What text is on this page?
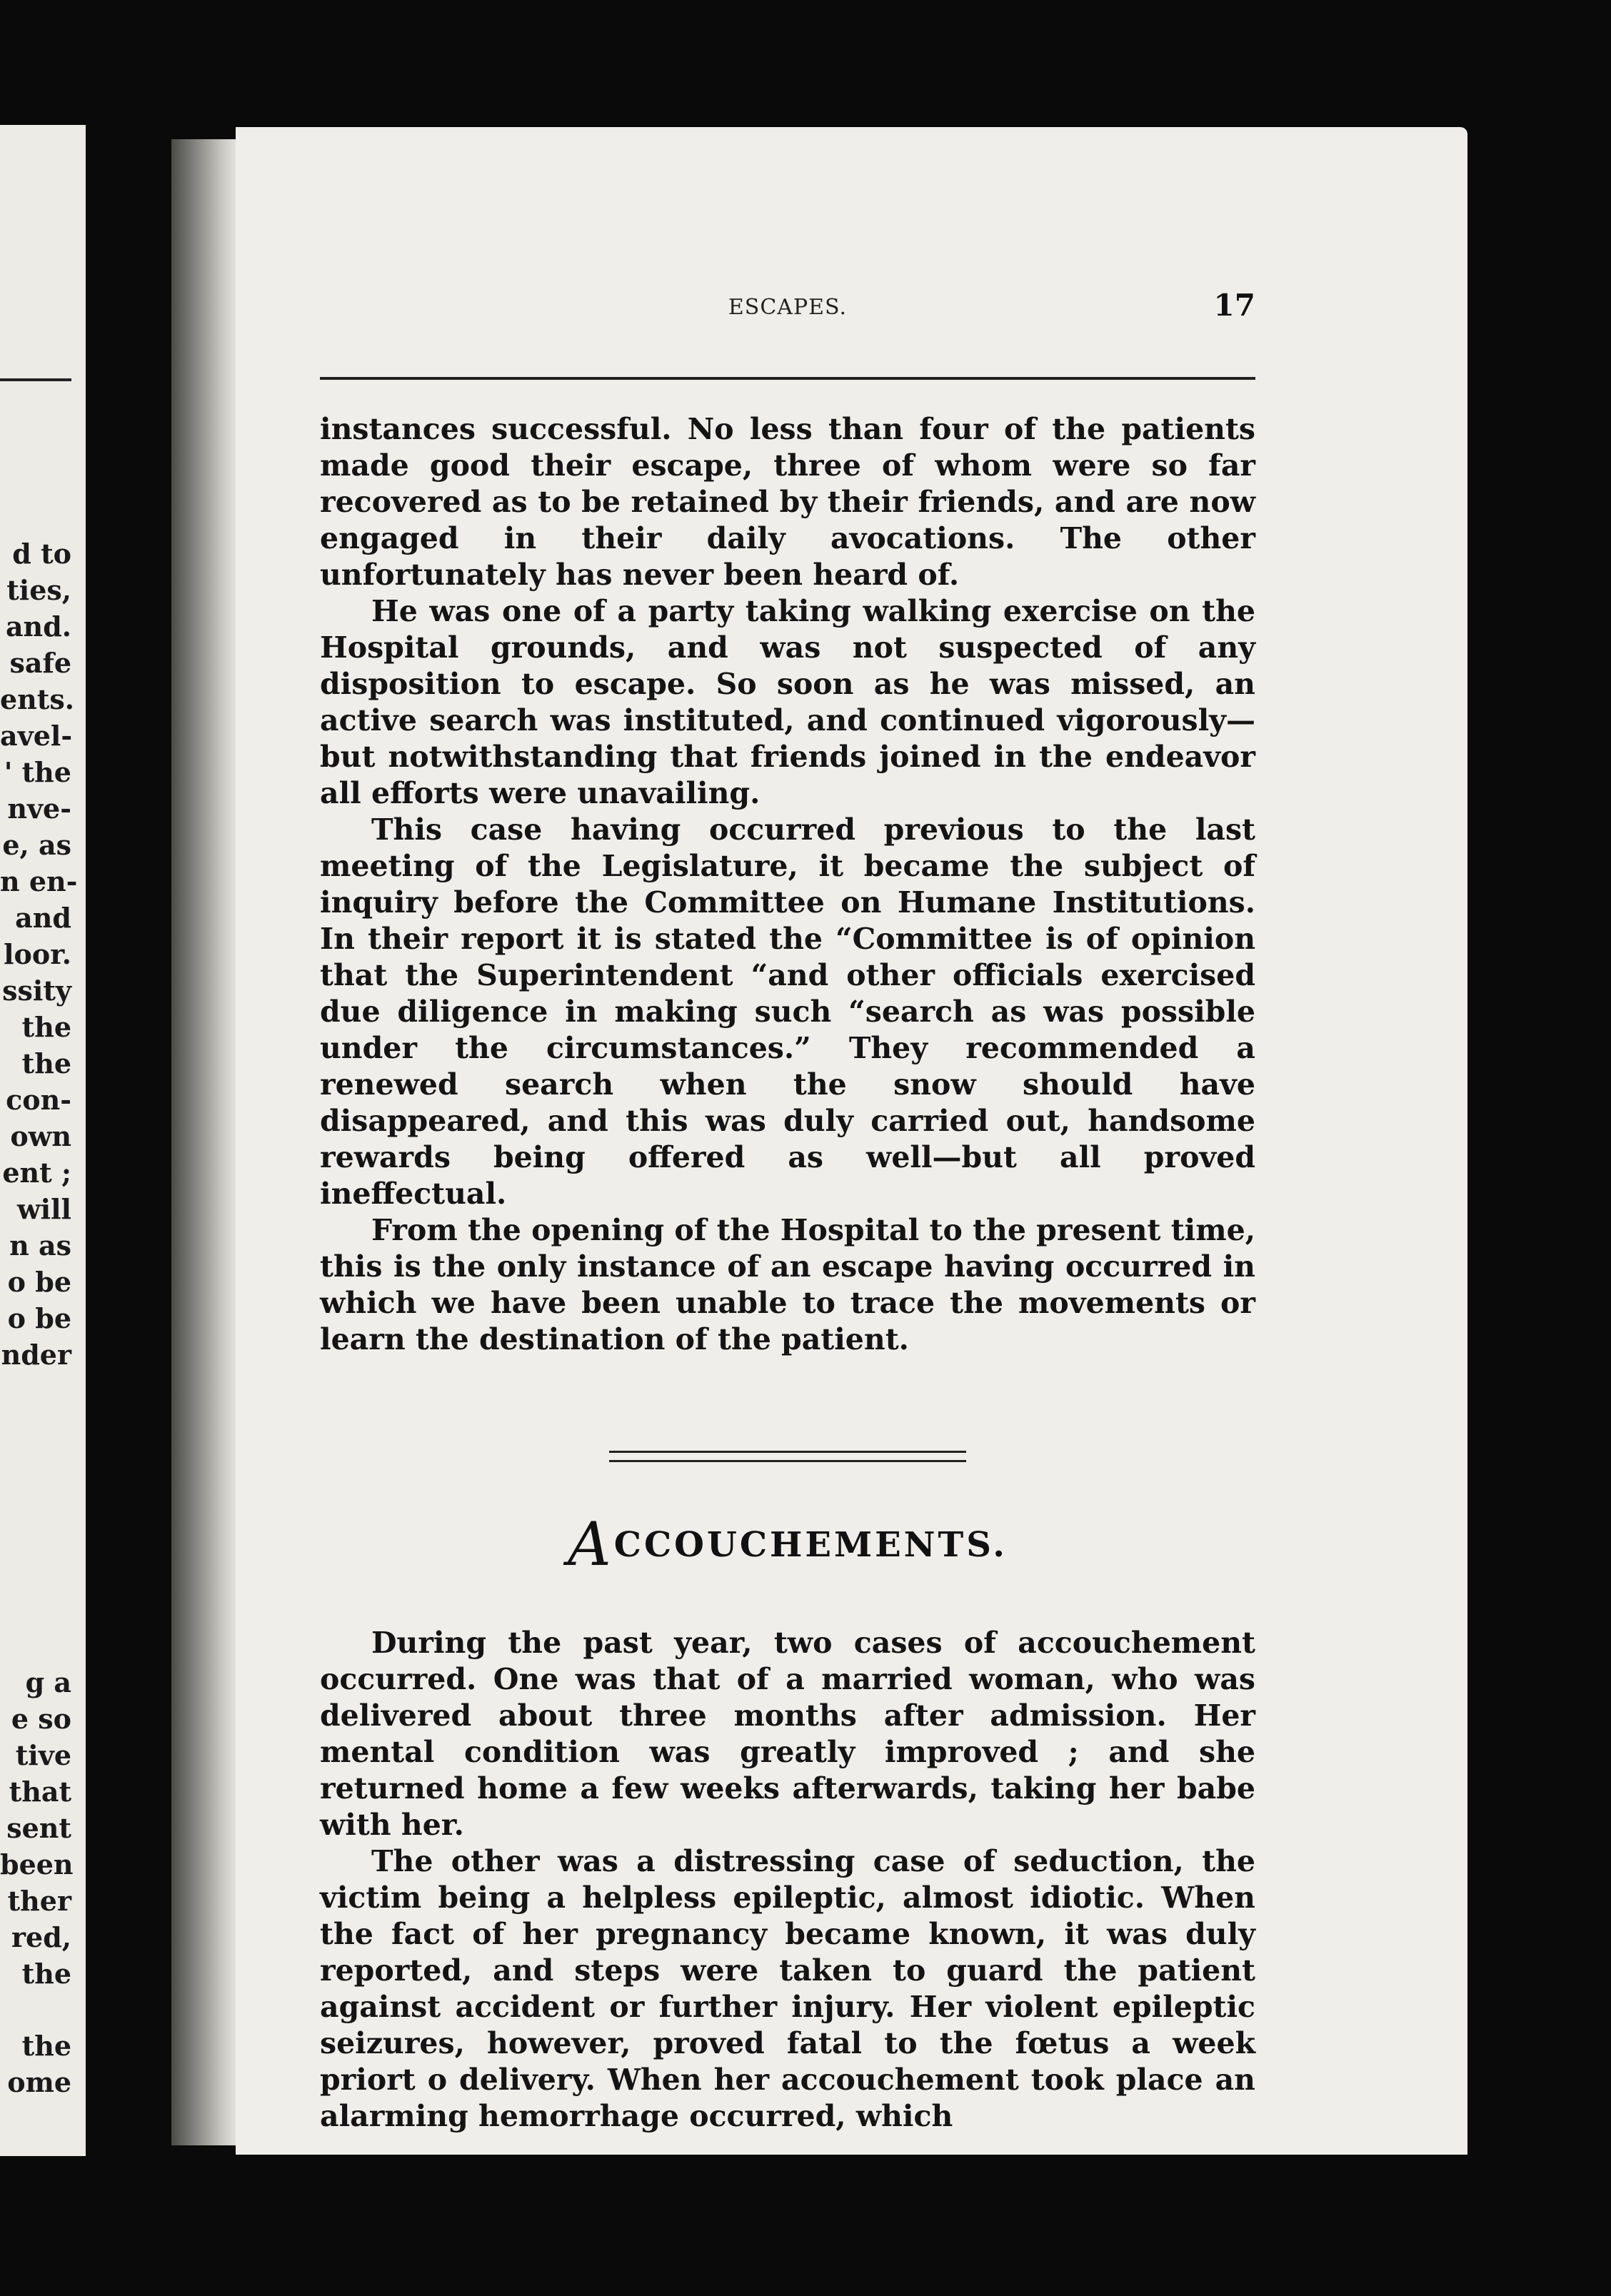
d to
ties,
and.
safe
ents.
avel-
' the
nve-
e, as
n en-
and
loor.
ssity
the
the
con-
own
ent ;
will
n as
o be
o be
nder
g a
e so
tive
that
sent
been
ther
red,
the
the
ome
ESCAPES.	17

instances successful. No less than four of the patients made good their escape, three of whom were so far recovered as to be retained by their friends, and are now engaged in their daily avocations. The other unfortunately has never been heard of.

He was one of a party taking walking exercise on the Hospital grounds, and was not suspected of any disposition to escape. So soon as he was missed, an active search was instituted, and continued vigorously—but notwithstanding that friends joined in the endeavor all efforts were unavailing.

This case having occurred previous to the last meeting of the Legislature, it became the subject of inquiry before the Committee on Humane Institutions. In their report it is stated the “Committee is of opinion that the Superintendent “and other officials exercised due diligence in making such “search as was possible under the circumstances.” They recommended a renewed search when the snow should have disappeared, and this was duly carried out, handsome rewards being offered as well—but all proved ineffectual.

From the opening of the Hospital to the present time, this is the only instance of an escape having occurred in which we have been unable to trace the movements or learn the destination of the patient.

ACCOUCHEMENTS.

During the past year, two cases of accouchement occurred. One was that of a married woman, who was delivered about three months after admission. Her mental condition was greatly improved ; and she returned home a few weeks afterwards, taking her babe with her.

The other was a distressing case of seduction, the victim being a helpless epileptic, almost idiotic. When the fact of her pregnancy became known, it was duly reported, and steps were taken to guard the patient against accident or further injury. Her violent epileptic seizures, however, proved fatal to the fœtus a week priort o delivery. When her accouchement took place an alarming hemorrhage occurred, which
